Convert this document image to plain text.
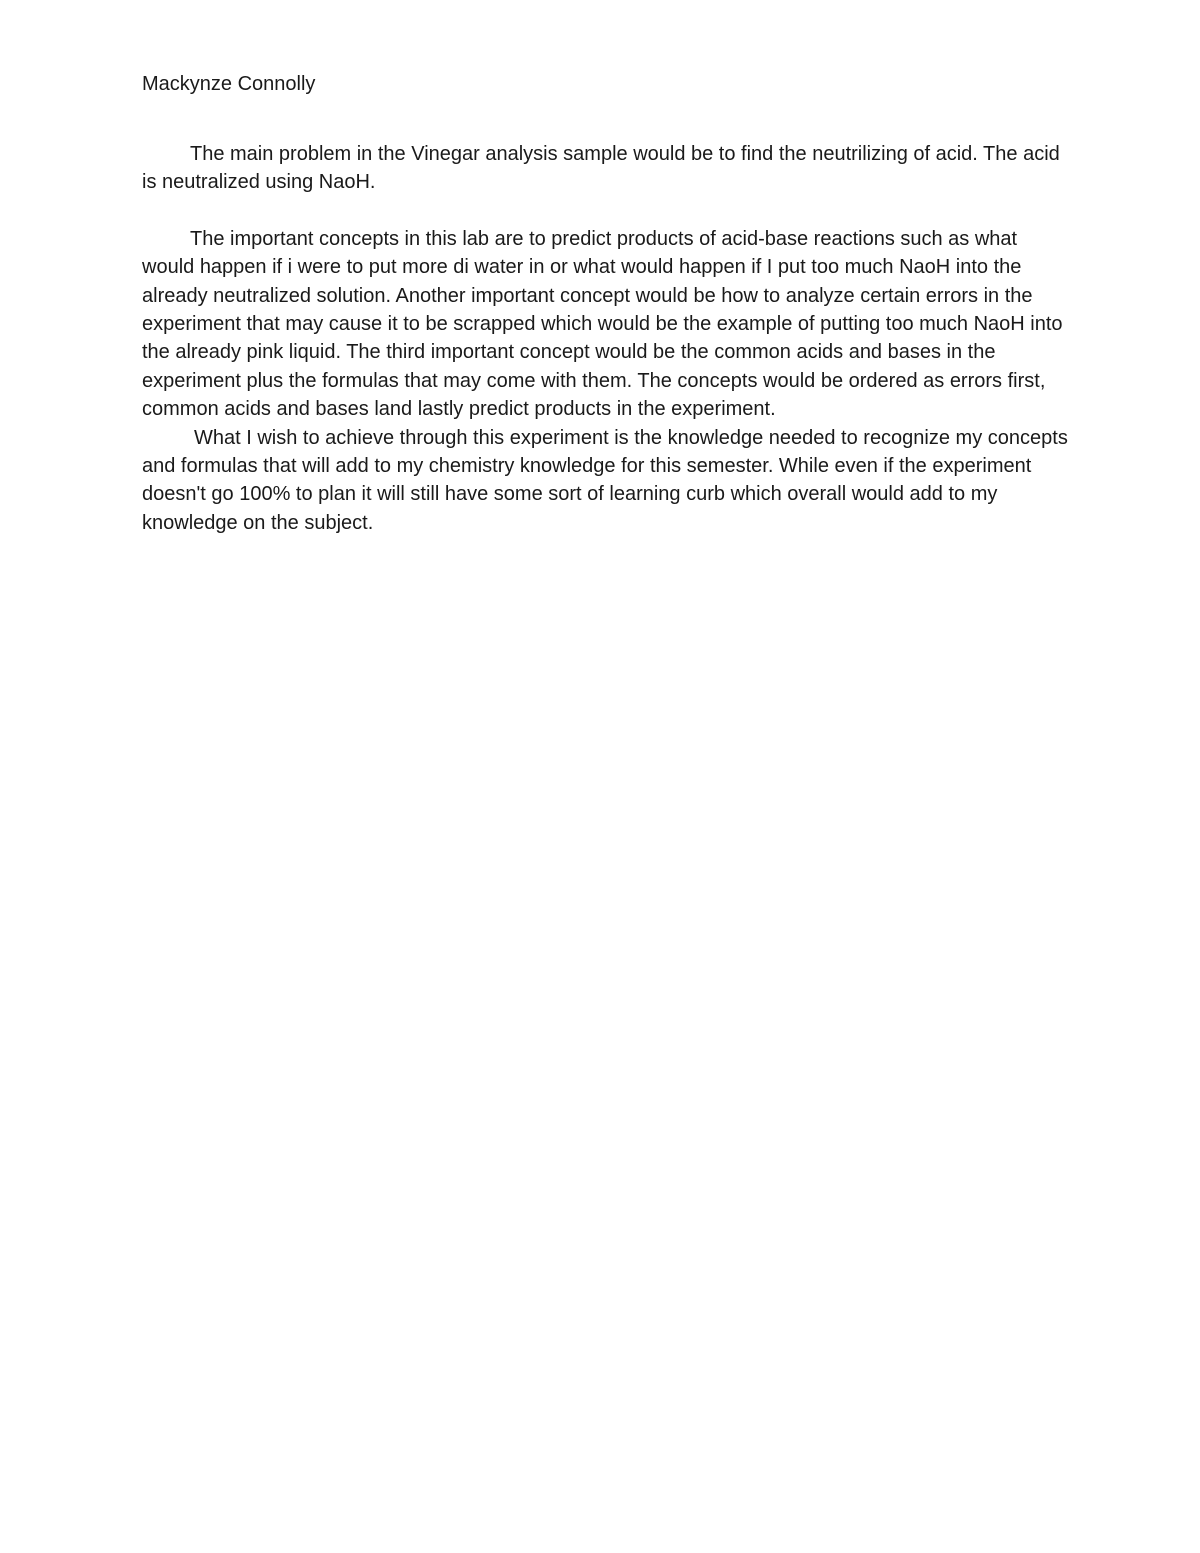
Mackynze Connolly

The main problem in the Vinegar analysis sample would be to find the neutrilizing of acid. The acid is neutralized using NaoH.

The important concepts in this lab are to predict products of acid-base reactions such as what would happen if i were to put more di water in or what would happen if I put too much NaoH into the already neutralized solution. Another important concept would be how to analyze certain errors in the experiment that may cause it to be scrapped which would be the example of putting too much NaoH into the already pink liquid. The third important concept would be the common acids and bases in the experiment plus the formulas that may come with them. The concepts would be ordered as errors first, common acids and bases land lastly predict products in the experiment.

What I wish to achieve through this experiment is the knowledge needed to recognize my concepts and formulas that will add to my chemistry knowledge for this semester. While even if the experiment doesn't go 100% to plan it will still have some sort of learning curb which overall would add to my knowledge on the subject.
